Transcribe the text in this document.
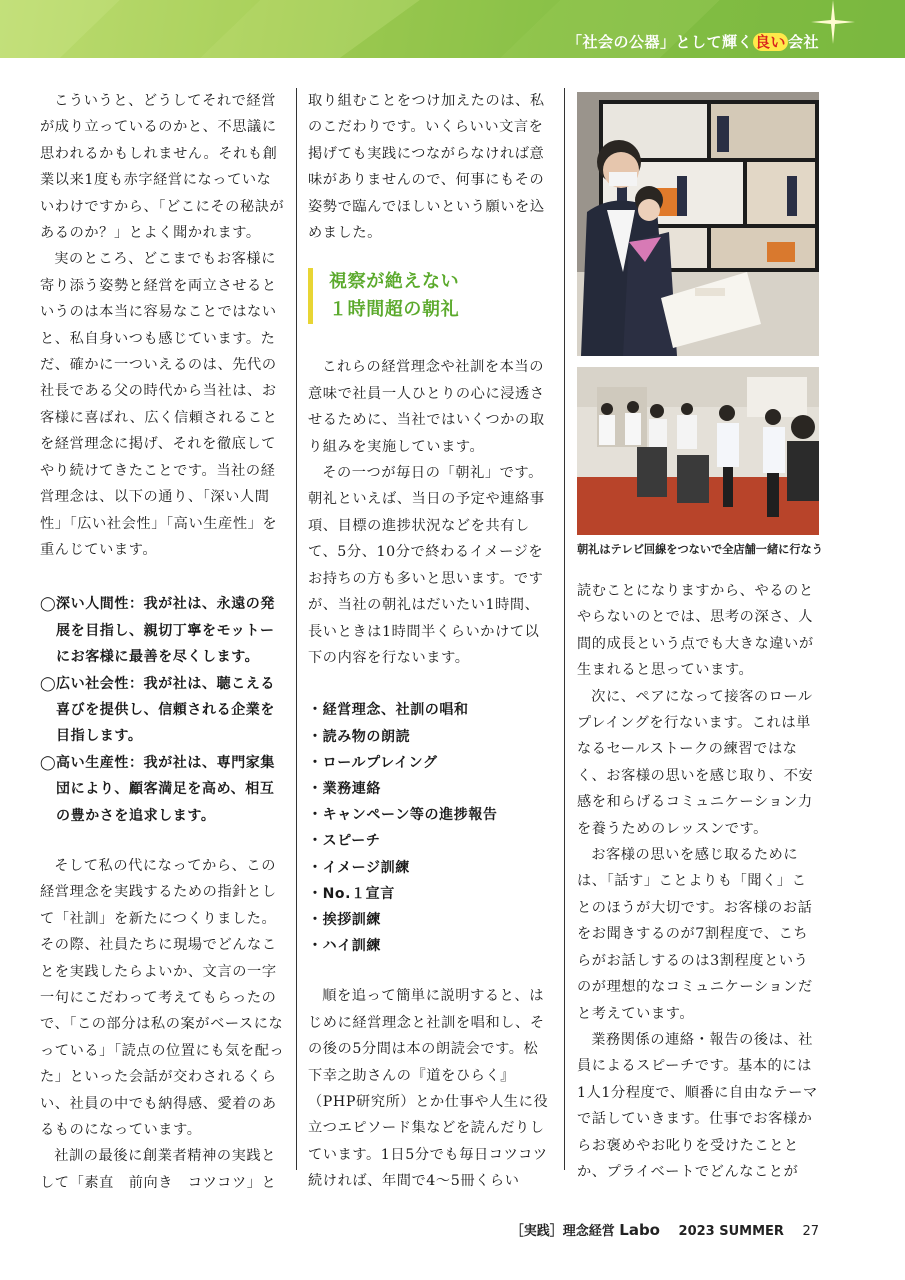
「社会の公器」として輝く 良い 会社

こういうと、どうしてそれで経営が成り立っているのかと、不思議に思われるかもしれません。それも創業以来1度も赤字経営になっていないわけですから、「どこにその秘訣があるのか？」とよく聞かれます。

実のところ、どこまでもお客様に寄り添う姿勢と経営を両立させるというのは本当に容易なことではないと、私自身いつも感じています。ただ、確かに一ついえるのは、先代の社長である父の時代から当社は、お客様に喜ばれ、広く信頼されることを経営理念に掲げ、それを徹底してやり続けてきたことです。当社の経営理念は、以下の通り、「深い人間性」「広い社会性」「高い生産性」を重んじています。

◯ 深い人間性：我が社は、永遠の発展を目指し、親切丁寧をモットーにお客様に最善を尽くします。
◯ 広い社会性：我が社は、聴こえる喜びを提供し、信頼される企業を目指します。
◯ 高い生産性：我が社は、専門家集団により、顧客満足を高め、相互の豊かさを追求します。

そして私の代になってから、この経営理念を実践するための指針として「社訓」を新たにつくりました。その際、社員たちに現場でどんなことを実践したらよいか、文言の一字一句にこだわって考えてもらったので、「この部分は私の案がベースになっている」「読点の位置にも気を配った」といった会話が交わされるくらい、社員の中でも納得感、愛着のあるものになっています。

社訓の最後に創業者精神の実践として「素直　前向き　コツコツ」と

取り組むことをつけ加えたのは、私のこだわりです。いくらいい文言を掲げても実践につながらなければ意味がありませんので、何事にもその姿勢で臨んでほしいという願いを込めました。

視察が絶えない
１時間超の朝礼

これらの経営理念や社訓を本当の意味で社員一人ひとりの心に浸透させるために、当社ではいくつかの取り組みを実施しています。

その一つが毎日の「朝礼」です。朝礼といえば、当日の予定や連絡事項、目標の進捗状況などを共有して、5分、10分で終わるイメージをお持ちの方も多いと思います。ですが、当社の朝礼はだいたい1時間、長いときは1時間半くらいかけて以下の内容を行ないます。

・ 経営理念、社訓の唱和
・ 読み物の朗読
・ ロールプレイング
・ 業務連絡
・ キャンペーン等の進捗報告
・ スピーチ
・ イメージ訓練
・ No.１宣言
・ 挨拶訓練
・ ハイ訓練

順を追って簡単に説明すると、はじめに経営理念と社訓を唱和し、その後の5分間は本の朗読会です。松下幸之助さんの『道をひらく』（PHP研究所）とか仕事や人生に役立つエピソード集などを読んだりしています。1日5分でも毎日コツコツ続ければ、年間で4～5冊くらい

朝礼はテレビ回線をつないで全店舗一緒に行なう

読むことになりますから、やるのとやらないのとでは、思考の深さ、人間的成長という点でも大きな違いが生まれると思っています。

次に、ペアになって接客のロールプレイングを行ないます。これは単なるセールストークの練習ではなく、お客様の思いを感じ取り、不安感を和らげるコミュニケーション力を養うためのレッスンです。

お客様の思いを感じ取るためには、「話す」ことよりも「聞く」ことのほうが大切です。お客様のお話をお聞きするのが7割程度で、こちらがお話しするのは3割程度というのが理想的なコミュニケーションだと考えています。

業務関係の連絡・報告の後は、社員によるスピーチです。基本的には1人1分程度で、順番に自由なテーマで話していきます。仕事でお客様からお褒めやお叱りを受けたこととか、プライベートでどんなことが

［実践］理念経営 Labo 2023 SUMMER 27
